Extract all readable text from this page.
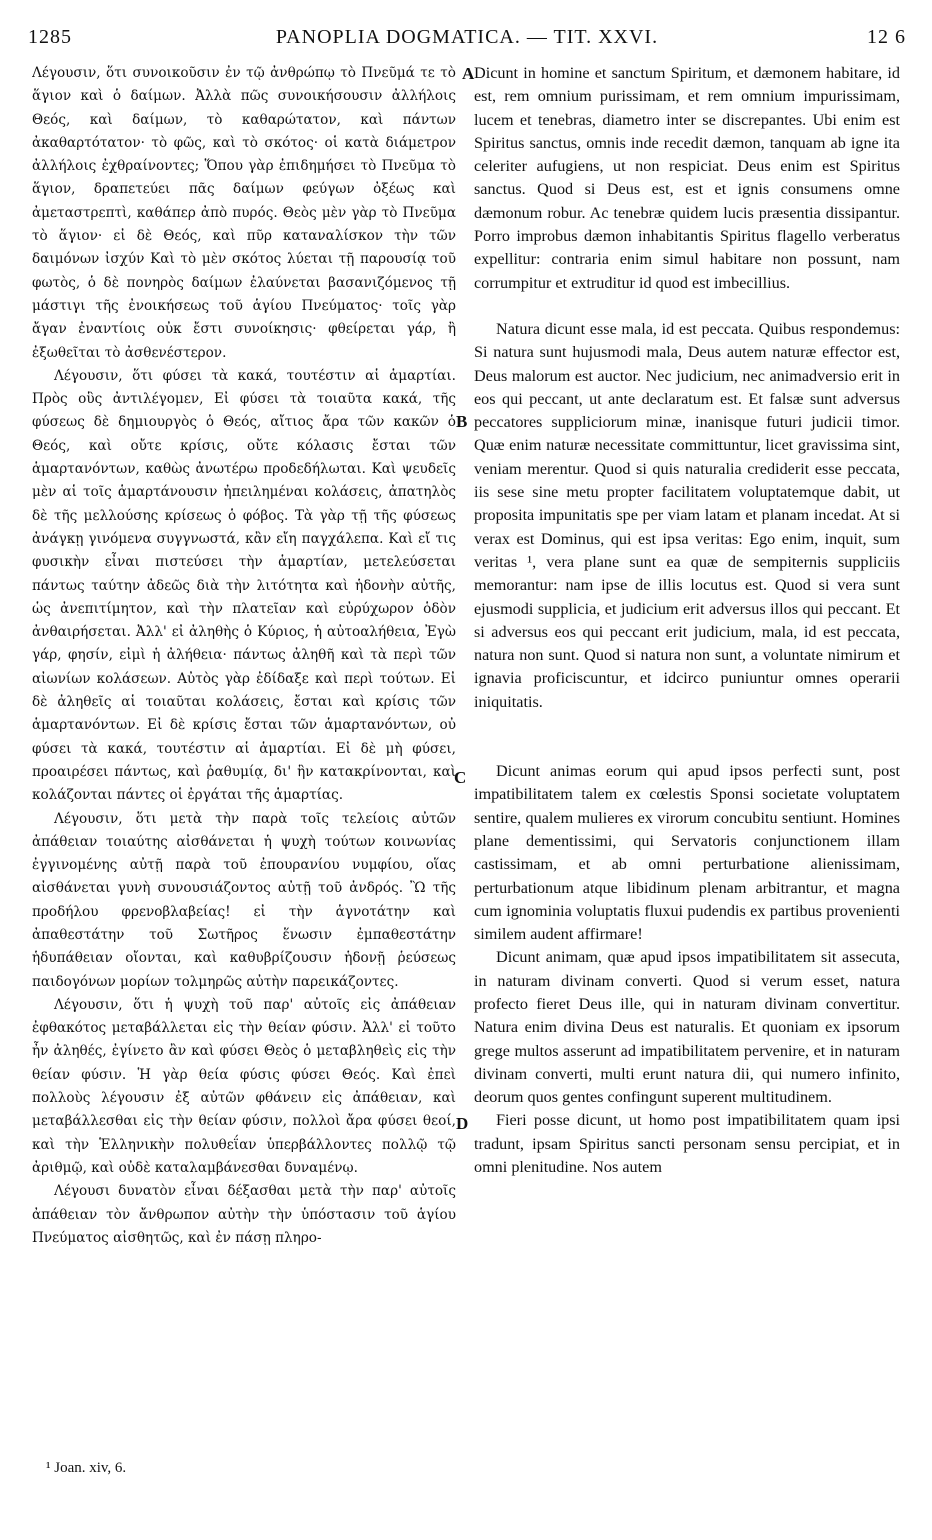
1285	PANOPLIA DOGMATICA. — TIT. XXVI.	12 6

Λέγουσιν, ὅτι συνοικοῦσιν ἐν τῷ ἀνθρώπῳ τὸ Πνεῦμά τε τὸ ἅγιον καὶ ὁ δαίμων. Ἀλλὰ πῶς συνοικήσουσιν ἀλλήλοις Θεός, καὶ δαίμων, τὸ καθαρώτατον, καὶ πάντων ἀκαθαρτότατον· τὸ φῶς, καὶ τὸ σκότος· οἱ κατὰ διάμετρον ἀλλήλοις ἐχθραίνοντες; Ὅπου γὰρ ἐπιδημήσει τὸ Πνεῦμα τὸ ἅγιον, δραπετεύει πᾶς δαίμων φεύγων ὀξέως καὶ ἀμεταστρεπτὶ, καθάπερ ἀπὸ πυρός. Θεὸς μὲν γὰρ τὸ Πνεῦμα τὸ ἅγιον· εἰ δὲ Θεός, καὶ πῦρ καταναλίσκον τὴν τῶν δαιμόνων ἰσχύν Καὶ τὸ μὲν σκότος λύεται τῇ παρουσίᾳ τοῦ φωτὸς, ὁ δὲ πονηρὸς δαίμων ἐλαύνεται βασανιζόμενος τῇ μάστιγι τῆς ἐνοικήσεως τοῦ ἁγίου Πνεύματος· τοῖς γὰρ ἄγαν ἐναντίοις οὐκ ἔστι συνοίκησις· φθείρεται γάρ, ἢ ἐξωθεῖται τὸ ἀσθενέστερον.

Λέγουσιν, ὅτι φύσει τὰ κακά, τουτέστιν αἱ ἁμαρτίαι. Πρὸς οὓς ἀντιλέγομεν, Εἰ φύσει τὰ τοιαῦτα κακά, τῆς φύσεως δὲ δημιουργὸς ὁ Θεός, αἴτιος ἄρα τῶν κακῶν ὁ Θεός, καὶ οὔτε κρίσις, οὔτε κόλασις ἔσται τῶν ἁμαρτανόντων, καθὼς ἀνωτέρω προδεδήλωται. Καὶ ψευδεῖς μὲν αἱ τοῖς ἁμαρτάνουσιν ἠπειλημέναι κολάσεις, ἀπατηλὸς δὲ τῆς μελλούσης κρίσεως ὁ φόβος. Τὰ γὰρ τῇ τῆς φύσεως ἀνάγκῃ γινόμενα συγγνωστά, κἂν εἴη παγχάλεπα. Καὶ εἴ τις φυσικὴν εἶναι πιστεύσει τὴν ἁμαρτίαν, μετελεύσεται πάντως ταύτην ἀδεῶς διὰ τὴν λιτότητα καὶ ἡδονὴν αὐτῆς, ὡς ἀνεπιτίμητον, καὶ τὴν πλατεῖαν καὶ εὐρύχωρον ὁδὸν ἀνθαιρήσεται. Ἀλλ' εἰ ἀληθὴς ὁ Κύριος, ἡ αὐτοαλήθεια, Ἐγὼ γάρ, φησίν, εἰμὶ ἡ ἀλήθεια· πάντως ἀληθῆ καὶ τὰ περὶ τῶν αἰωνίων κολάσεων. Αὐτὸς γὰρ ἐδίδαξε καὶ περὶ τούτων. Εἰ δὲ ἀληθεῖς αἱ τοιαῦται κολάσεις, ἔσται καὶ κρίσις τῶν ἁμαρτανόντων. Εἰ δὲ κρίσις ἔσται τῶν ἁμαρτανόντων, οὐ φύσει τὰ κακά, τουτέστιν αἱ ἁμαρτίαι. Εἰ δὲ μὴ φύσει, προαιρέσει πάντως, καὶ ῥαθυμίᾳ, δι' ἣν κατακρίνονται, καὶ κολάζονται πάντες οἱ ἐργάται τῆς ἁμαρτίας.

Λέγουσιν, ὅτι μετὰ τὴν παρὰ τοῖς τελείοις αὐτῶν ἀπάθειαν τοιαύτης αἰσθάνεται ἡ ψυχὴ τούτων κοινωνίας ἐγγινομένης αὐτῇ παρὰ τοῦ ἐπουρανίου νυμφίου, οἵας αἰσθάνεται γυνὴ συνουσιάζοντος αὐτῇ τοῦ ἀνδρός. Ὢ τῆς προδήλου φρενοβλαβείας! εἰ τὴν ἁγνοτάτην καὶ ἀπαθεστάτην τοῦ Σωτῆρος ἕνωσιν ἐμπαθεστάτην ἡδυπάθειαν οἴονται, καὶ καθυβρίζουσιν ἡδονῇ ῥεύσεως παιδογόνων μορίων τολμηρῶς αὐτὴν παρεικάζοντες.

Λέγουσιν, ὅτι ἡ ψυχὴ τοῦ παρ' αὐτοῖς εἰς ἀπάθειαν ἐφθακότος μεταβάλλεται εἰς τὴν θείαν φύσιν. Ἀλλ' εἰ τοῦτο ἦν ἀληθές, ἐγίνετο ἂν καὶ φύσει Θεὸς ὁ μεταβληθεὶς εἰς τὴν θείαν φύσιν. Ἡ γὰρ θεία φύσις φύσει Θεός. Καὶ ἐπεὶ πολλοὺς λέγουσιν ἐξ αὐτῶν φθάνειν εἰς ἀπάθειαν, καὶ μεταβάλλεσθαι εἰς τὴν θείαν φύσιν, πολλοὶ ἄρα φύσει θεοί, καὶ τὴν Ἑλληνικὴν πολυθεΐαν ὑπερβάλλοντες πολλῷ τῷ ἀριθμῷ, καὶ οὐδὲ καταλαμβάνεσθαι δυναμένῳ.

Λέγουσι δυνατὸν εἶναι δέξασθαι μετὰ τὴν παρ' αὐτοῖς ἀπάθειαν τὸν ἄνθρωπον αὐτὴν τὴν ὑπόστασιν τοῦ ἁγίου Πνεύματος αἰσθητῶς, καὶ ἐν πάσῃ πληρο-

A
B
C
D

Dicunt in homine et sanctum Spiritum, et dæmonem habitare, id est, rem omnium purissimam, et rem omnium impurissimam, lucem et tenebras, diametro inter se discrepantes. Ubi enim est Spiritus sanctus, omnis inde recedit dæmon, tanquam ab igne ita celeriter aufugiens, ut non respiciat. Deus enim est Spiritus sanctus. Quod si Deus est, est et ignis consumens omne dæmonum robur. Ac tenebræ quidem lucis præsentia dissipantur. Porro improbus dæmon inhabitantis Spiritus flagello verberatus expellitur: contraria enim simul habitare non possunt, nam corrumpitur et extruditur id quod est imbecillius.

Natura dicunt esse mala, id est peccata. Quibus respondemus: Si natura sunt hujusmodi mala, Deus autem naturæ effector est, Deus malorum est auctor. Nec judicium, nec animadversio erit in eos qui peccant, ut ante declaratum est. Et falsæ sunt adversus peccatores suppliciorum minæ, inanisque futuri judicii timor. Quæ enim naturæ necessitate committuntur, licet gravissima sint, veniam merentur. Quod si quis naturalia crediderit esse peccata, iis sese sine metu propter facilitatem voluptatemque dabit, ut proposita impunitatis spe per viam latam et planam incedat. At si verax est Dominus, qui est ipsa veritas: Ego enim, inquit, sum veritas ¹, vera plane sunt ea quæ de sempiternis suppliciis memorantur: nam ipse de illis locutus est. Quod si vera sunt ejusmodi supplicia, et judicium erit adversus illos qui peccant. Et si adversus eos qui peccant erit judicium, mala, id est peccata, natura non sunt. Quod si natura non sunt, a voluntate nimirum et ignavia proficiscuntur, et idcirco puniuntur omnes operarii iniquitatis.

Dicunt animas eorum qui apud ipsos perfecti sunt, post impatibilitatem talem ex cœlestis Sponsi societate voluptatem sentire, qualem mulieres ex virorum concubitu sentiunt. Homines plane dementissimi, qui Servatoris conjunctionem illam castissimam, et ab omni perturbatione alienissimam, perturbationum atque libidinum plenam arbitrantur, et magna cum ignominia voluptatis fluxui pudendis ex partibus provenienti similem audent affirmare!

Dicunt animam, quæ apud ipsos impatibilitatem sit assecuta, in naturam divinam converti. Quod si verum esset, natura profecto fieret Deus ille, qui in naturam divinam convertitur. Natura enim divina Deus est naturalis. Et quoniam ex ipsorum grege multos asserunt ad impatibilitatem pervenire, et in naturam divinam converti, multi erunt natura dii, qui numero infinito, deorum quos gentes confingunt superent multitudinem.

Fieri posse dicunt, ut homo post impatibilitatem quam ipsi tradunt, ipsam Spiritus sancti personam sensu percipiat, et in omni plenitudine. Nos autem

¹ Joan. xiv, 6.
